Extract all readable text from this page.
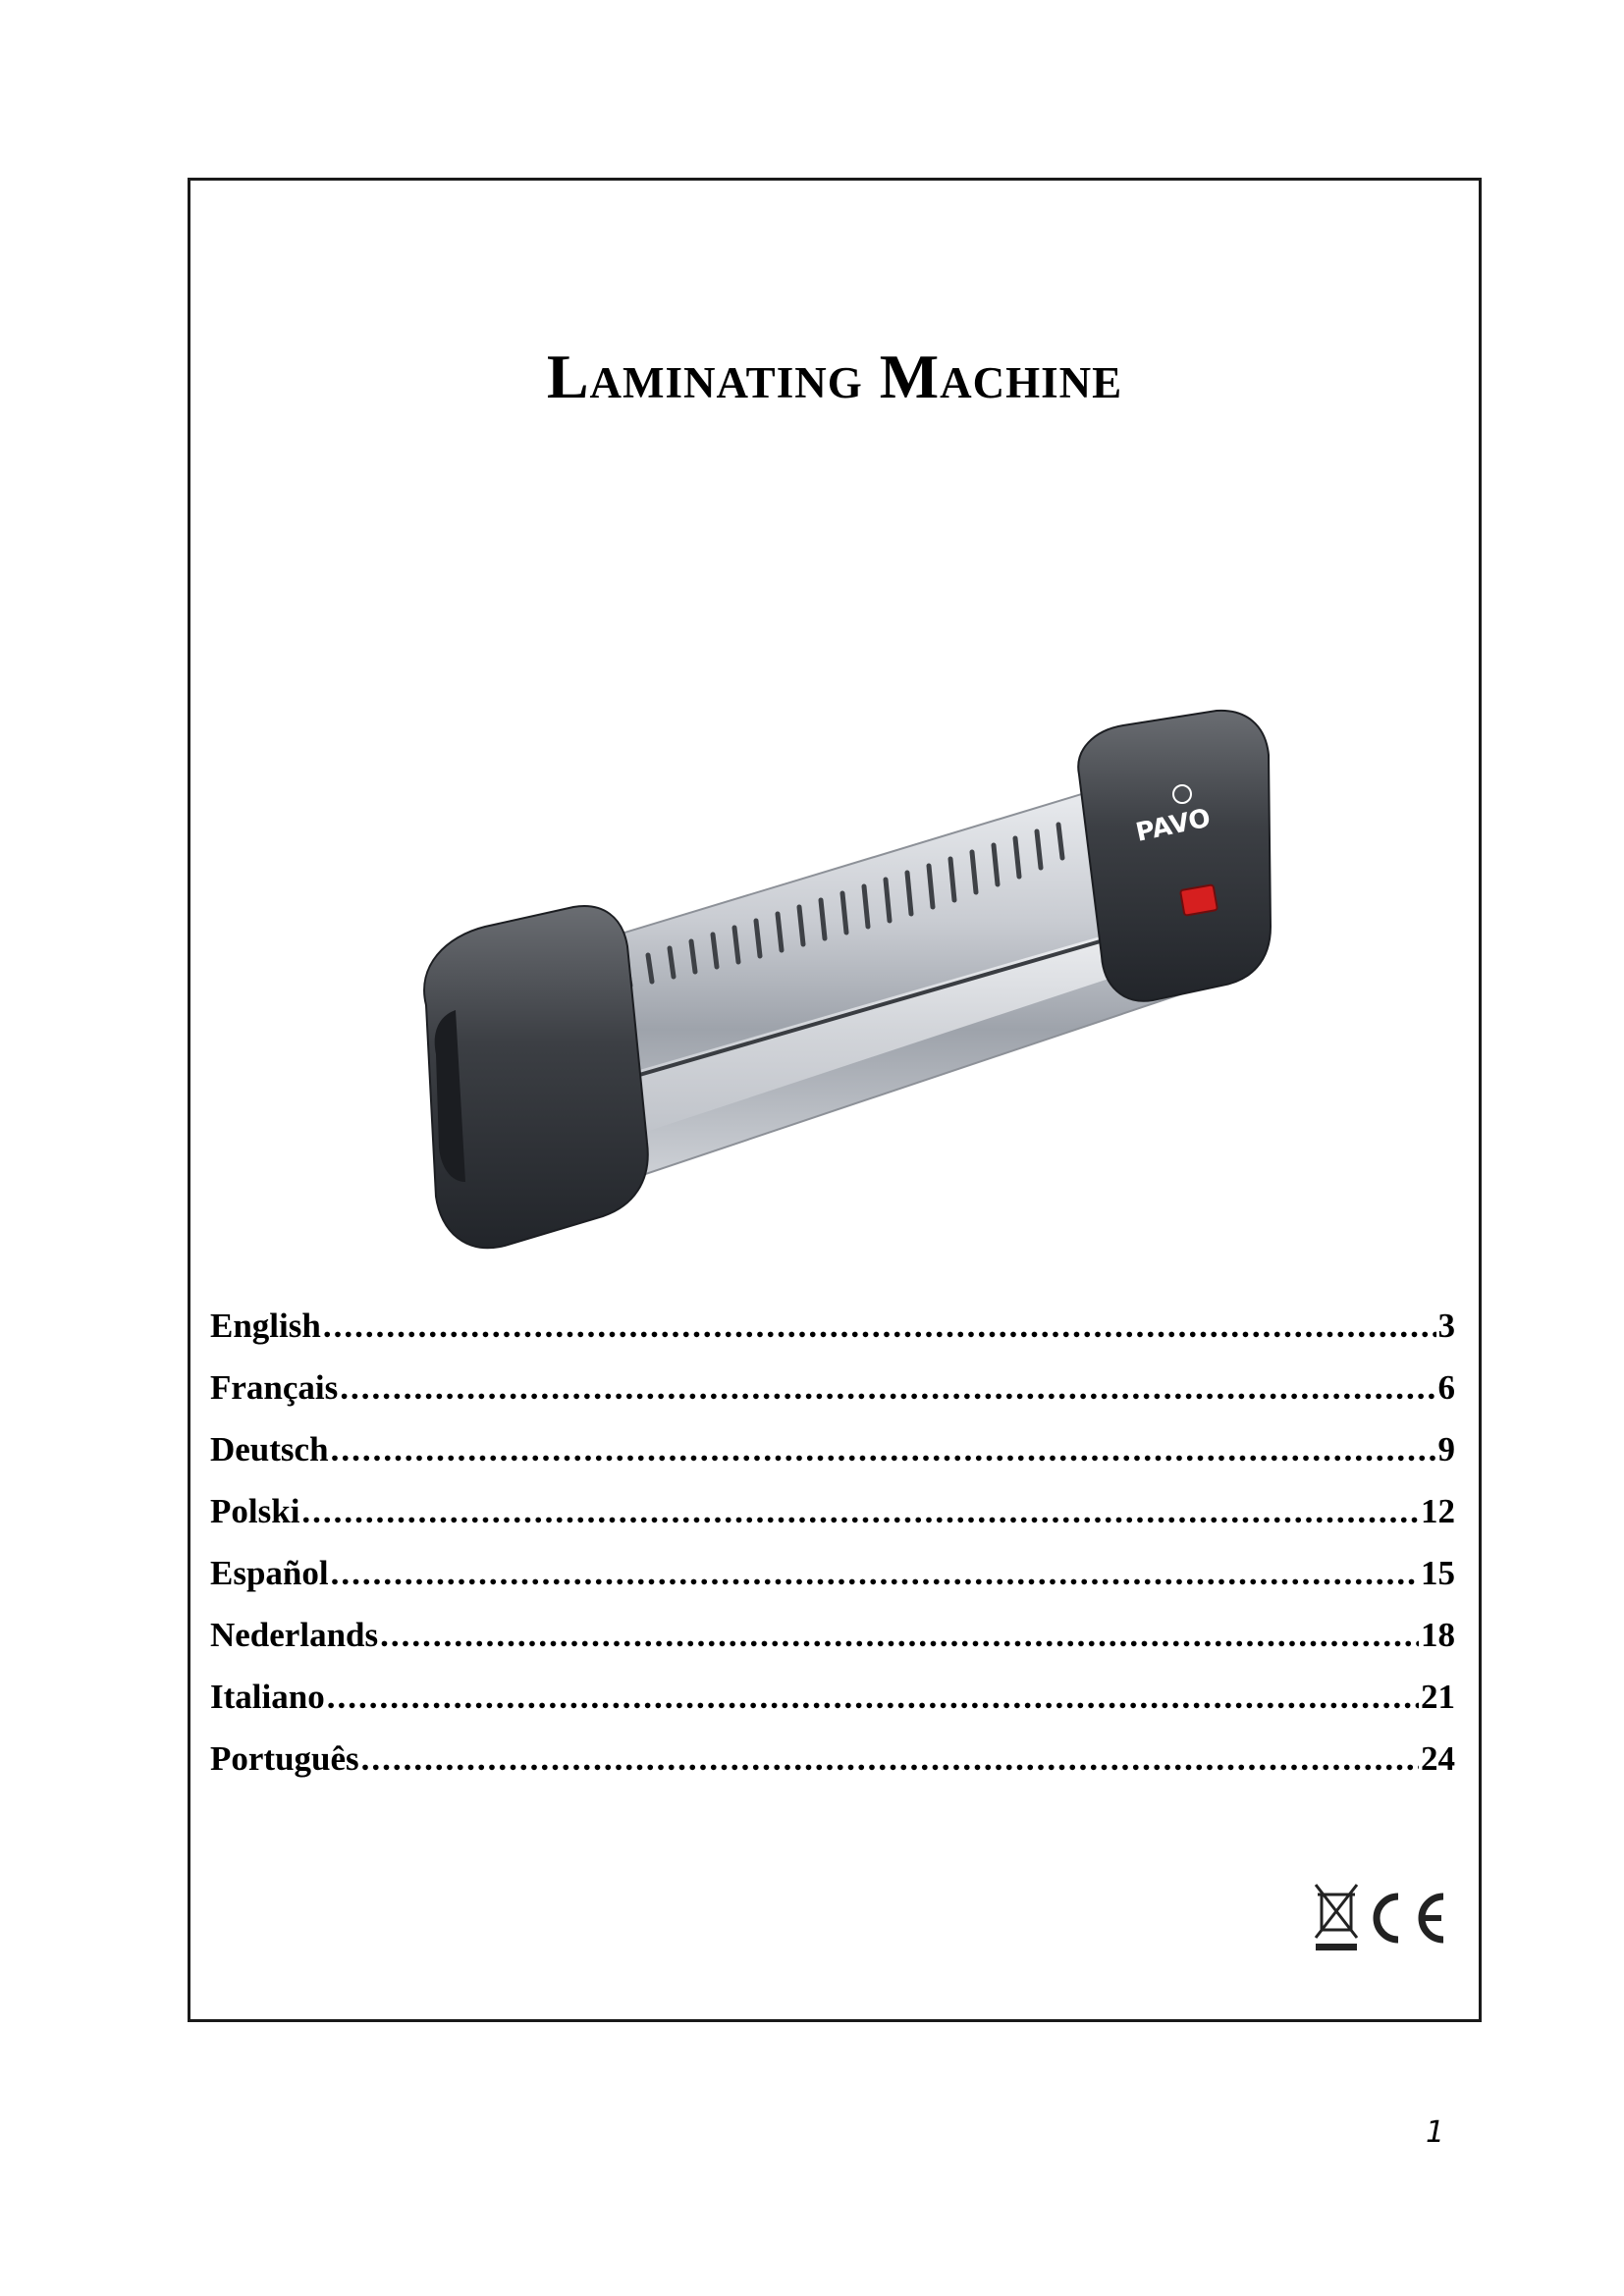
Laminating Machine
PAVO
English .....	3
Français .....	6
Deutsch .....	9
Polski .....	12
Español .....	15
Nederlands .....	18
Italiano .....	21
Português .....	24
1
